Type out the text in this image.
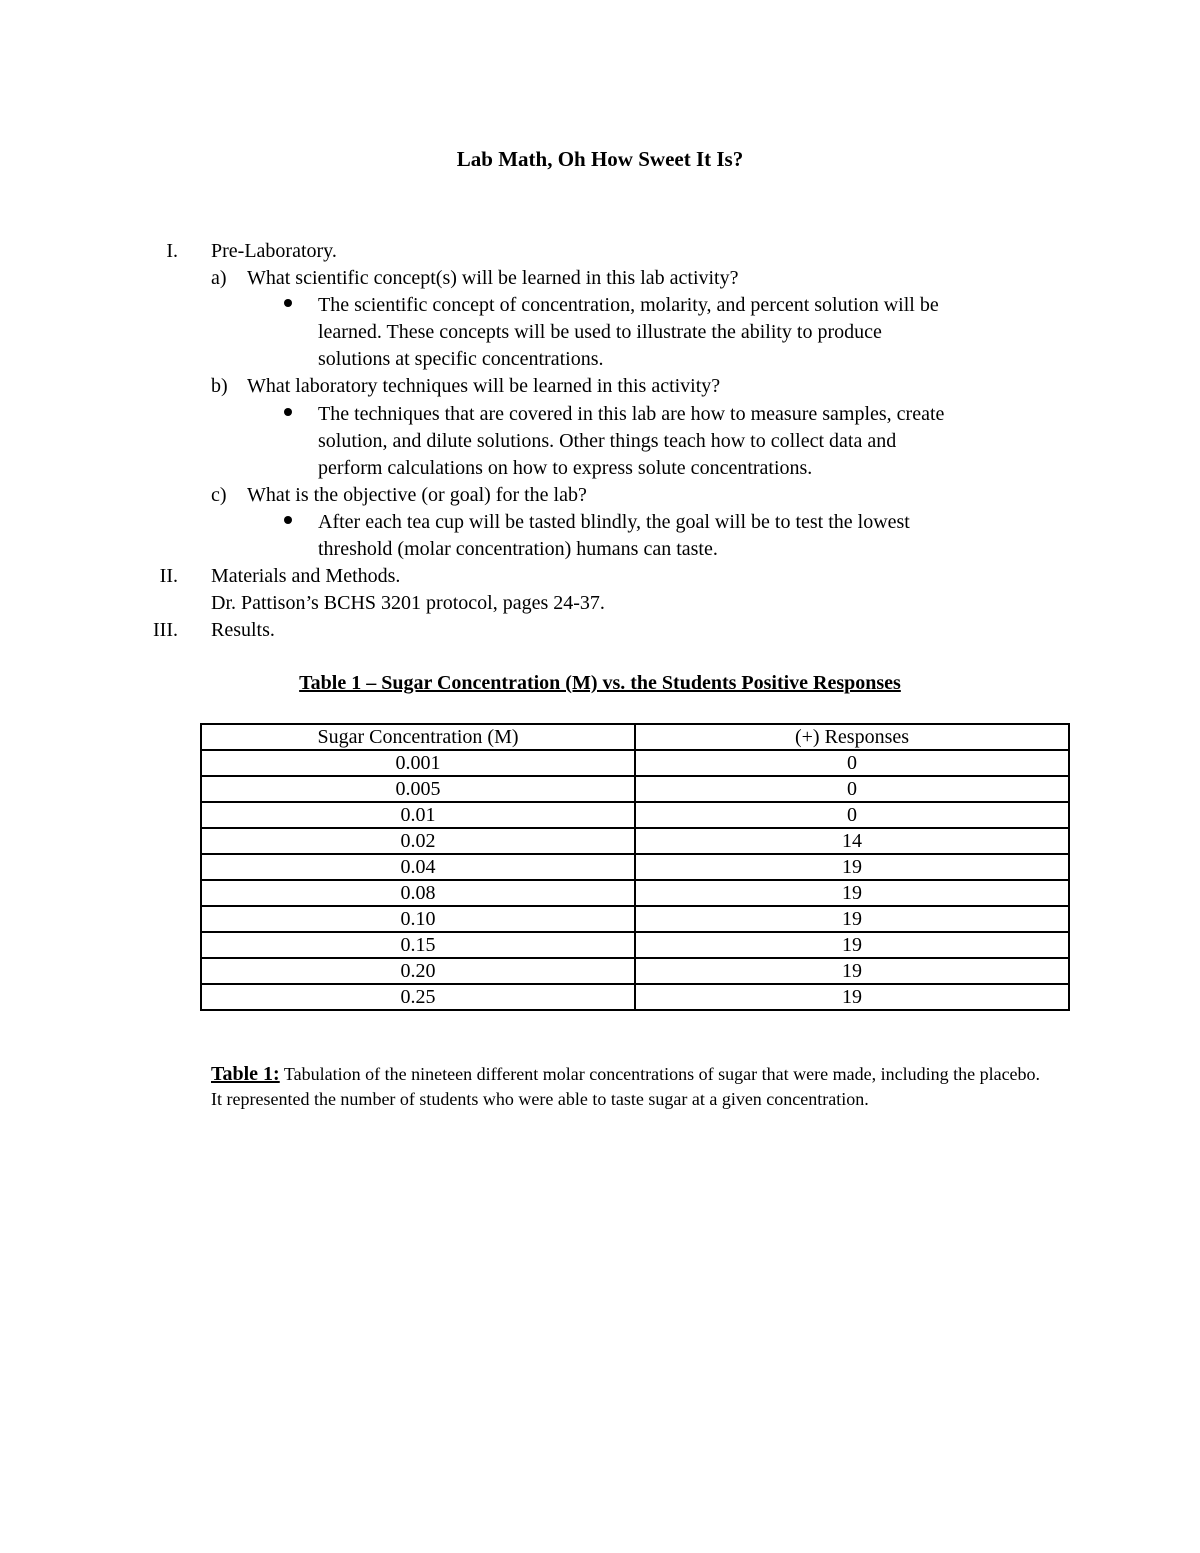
Lab Math, Oh How Sweet It Is?
I. Pre-Laboratory.
a) What scientific concept(s) will be learned in this lab activity?
The scientific concept of concentration, molarity, and percent solution will be
learned. These concepts will be used to illustrate the ability to produce
solutions at specific concentrations.
b) What laboratory techniques will be learned in this activity?
The techniques that are covered in this lab are how to measure samples, create
solution, and dilute solutions. Other things teach how to collect data and
perform calculations on how to express solute concentrations.
c) What is the objective (or goal) for the lab?
After each tea cup will be tasted blindly, the goal will be to test the lowest
threshold (molar concentration) humans can taste.
II. Materials and Methods.
Dr. Pattison’s BCHS 3201 protocol, pages 24-37.
III. Results.
Table 1 – Sugar Concentration (M) vs. the Students Positive Responses
Sugar Concentration (M)	(+) Responses
0.001	0
0.005	0
0.01	0
0.02	14
0.04	19
0.08	19
0.10	19
0.15	19
0.20	19
0.25	19
Table 1: Tabulation of the nineteen different molar concentrations of sugar that were made, including the placebo. It represented the number of students who were able to taste sugar at a given concentration.
